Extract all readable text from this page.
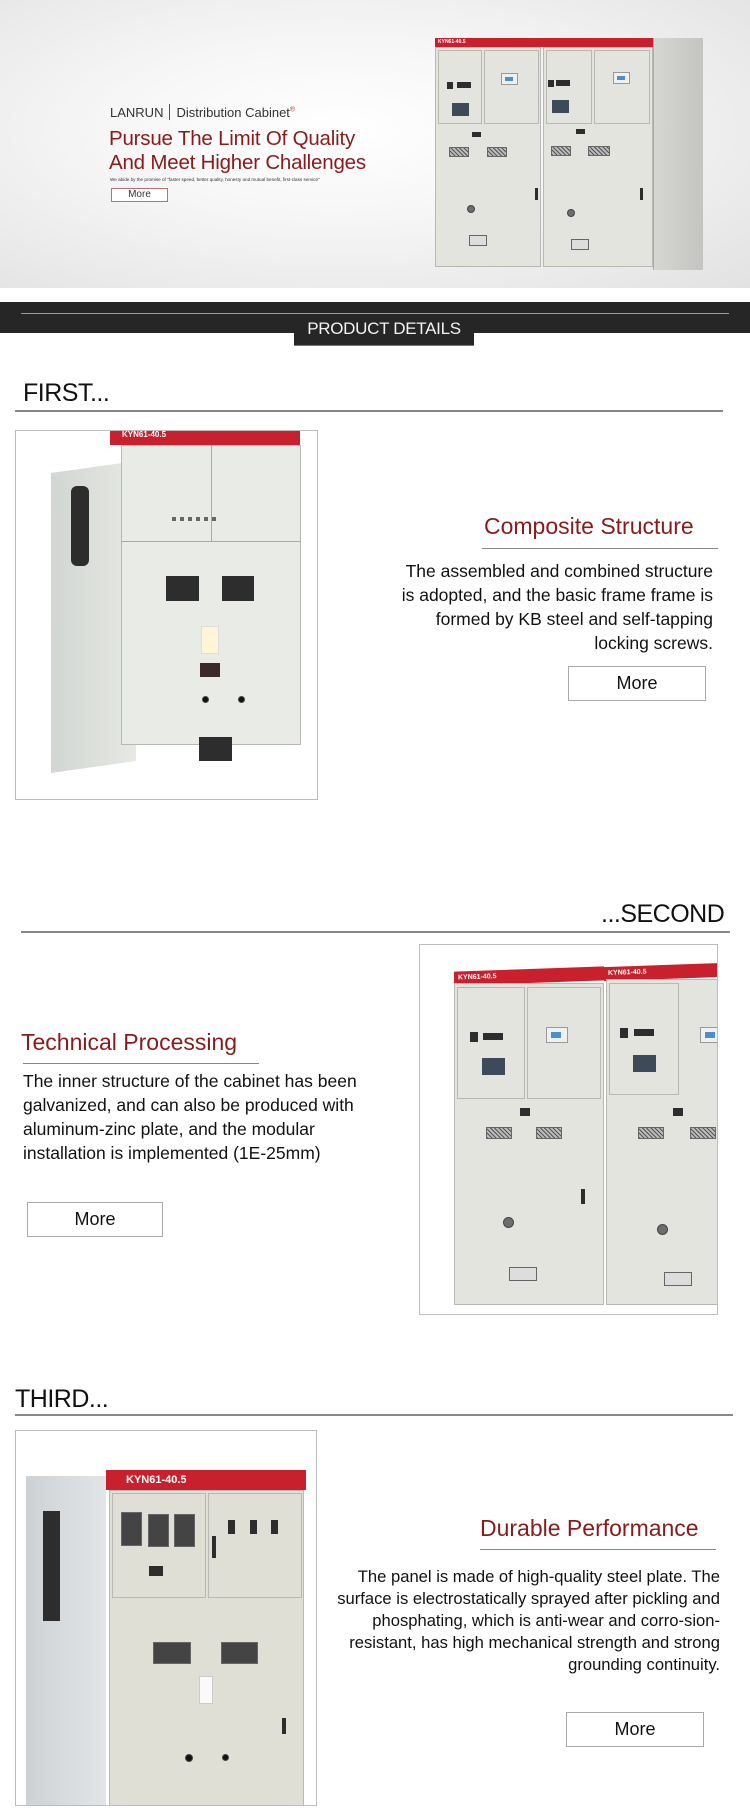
LANRUN Distribution Cabinet®
Pursue The Limit Of Quality
And Meet Higher Challenges
We abide by the promise of "faster speed, better quality, honesty and mutual benefit, first-class service"
More
KYN61-40.5
PRODUCT DETAILS
FIRST...
KYN61-40.5
Composite Structure
The assembled and combined structure is adopted, and the basic frame frame is formed by KB steel and self-tapping locking screws.
More
...SECOND
KYN61-40.5
KYN61-40.5
Technical Processing
The inner structure of the cabinet has been galvanized, and can also be produced with aluminum-zinc plate, and the modular installation is implemented (1E-25mm)
More
THIRD...
KYN61-40.5
Durable Performance
The panel is made of high-quality steel plate. The surface is electrostatically sprayed after pickling and phosphating, which is anti-wear and corro-sion-resistant, has high mechanical strength and strong grounding continuity.
More
